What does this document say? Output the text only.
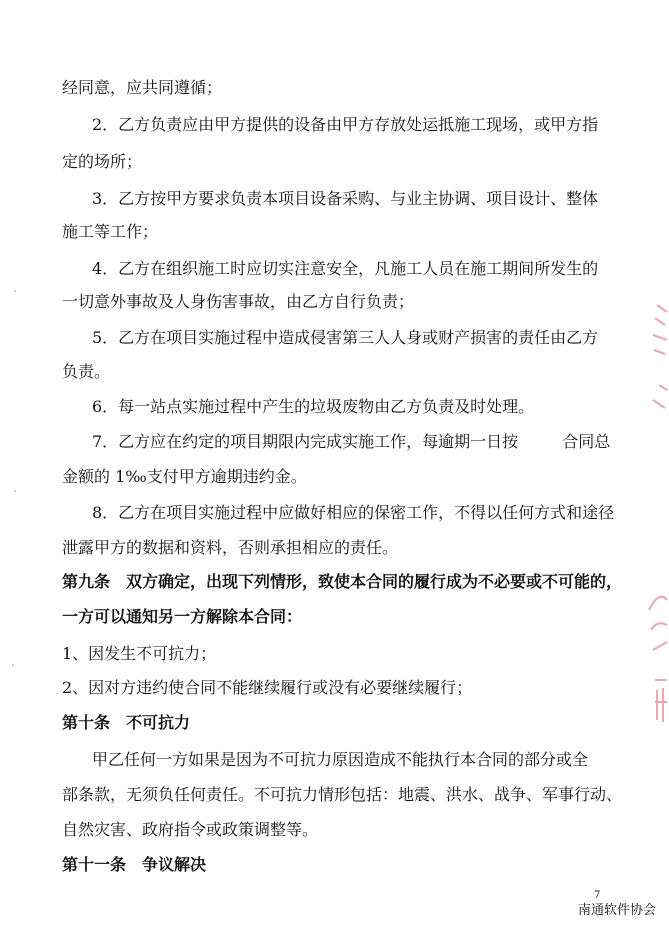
经同意，应共同遵循；
2．乙方负责应由甲方提供的设备由甲方存放处运抵施工现场，或甲方指
定的场所；
3．乙方按甲方要求负责本项目设备采购、与业主协调、项目设计、整体
施工等工作；
4．乙方在组织施工时应切实注意安全，凡施工人员在施工期间所发生的
一切意外事故及人身伤害事故，由乙方自行负责；
5．乙方在项目实施过程中造成侵害第三人人身或财产损害的责任由乙方
负责。
6．每一站点实施过程中产生的垃圾废物由乙方负责及时处理。
7．乙方应在约定的项目期限内完成实施工作，每逾期一日按	合同总
金额的 1‰支付甲方逾期违约金。
8．乙方在项目实施过程中应做好相应的保密工作，不得以任何方式和途径
泄露甲方的数据和资料，否则承担相应的责任。
第九条　双方确定，出现下列情形，致使本合同的履行成为不必要或不可能的，
一方可以通知另一方解除本合同：
1、因发生不可抗力；
2、因对方违约使合同不能继续履行或没有必要继续履行；
第十条　不可抗力
甲乙任何一方如果是因为不可抗力原因造成不能执行本合同的部分或全
部条款，无须负任何责任。不可抗力情形包括：地震、洪水、战争、军事行动、
自然灾害、政府指令或政策调整等。
第十一条　争议解决
7
南通软件协会
